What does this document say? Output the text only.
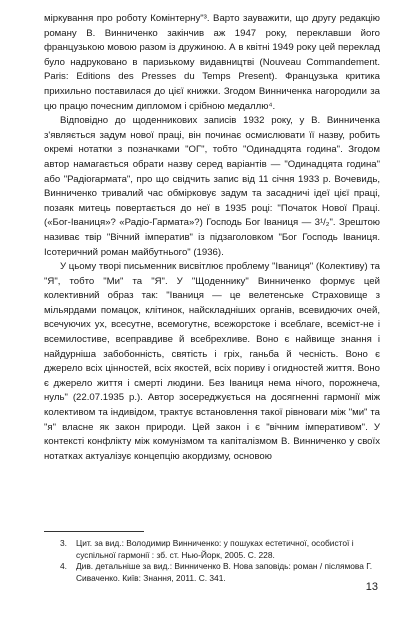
міркування про роботу Комінтерну"³. Варто зауважити, що другу редакцію роману В. Винниченко закінчив аж 1947 року, переклавши його французькою мовою разом із дружиною. А в квітні 1949 року цей переклад було надруковано в паризькому видавництві (Nouveau Commandement. Paris: Editions des Presses du Temps Present). Французька критика прихильно поставилася до цієї книжки. Згодом Винниченка нагородили за цю працю почесним дипломом і срібною медаллю⁴.

Відповідно до щоденникових записів 1932 року, у В. Винниченка з'являється задум нової праці, він починає осмислювати її назву, робить окремі нотатки з позначками "ОГ", тобто "Одинадцята година". Згодом автор намагається обрати назву серед варіантів — "Одинадцята година" або "Радіогармата", про що свідчить запис від 11 січня 1933 р. Вочевидь, Винниченко тривалий час обмірковує задум та засадничі ідеї цієї праці, позаяк митець повертається до неї в 1935 році: "Початок Нової Праці. («Бог-Іваниця»? «Радіо-Гармата»?) Господь Бог Іваниця — 3¹/₂". Зрештою називає твір "Вічний імператив" із підзаголовком "Бог Господь Іваниця. Ісотеричний роман майбутнього" (1936).

У цьому творі письменник висвітлює проблему "Іваниця" (Колективу) та "Я", тобто "Ми" та "Я". У "Щоденнику" Винниченко формує цей колективний образ так: "Іваниця — це велетенське Страховище з мільярдами помацок, клітинок, найскладніших органів, всевидючих очей, всечуючих ух, всесутне, всемогутнє, всежорстоке і всеблаге, всеміст-не і всемилостиве, всеправдиве й всебрехливе. Воно є найвище знання і найдурніша забобонність, святість і гріх, ганьба й чесність. Воно є джерело всіх цінностей, всіх якостей, всіх пориву і огидностей життя. Воно є джерело життя і смерті людини. Без Іваниця нема нічого, порожнеча, нуль" (22.07.1935 р.). Автор зосереджується на досягненні гармонії між колективом та індивідом, трактує встановлення такої рівноваги між "ми" та "я" власне як закон природи. Цей закон і є "вічним імперативом". У контексті конфлікту між комунізмом та капіталізмом В. Винниченко у своїх нотатках актуалізує концепцію акордизму, основою

3.	Цит. за вид.: Володимир Винниченко: у пошуках естетичної, особистої і суспільної гармонії : зб. ст. Нью-Йорк, 2005. С. 228.

4.	Див. детальніше за вид.: Винниченко В. Нова заповідь: роман / післямова Г. Сиваченко. Київ: Знання, 2011. С. 341.

13
